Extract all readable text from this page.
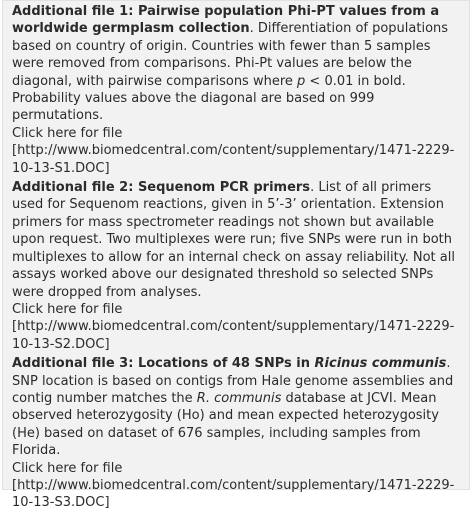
Additional file 1: Pairwise population Phi-PT values from a worldwide germplasm collection. Differentiation of populations based on country of origin. Countries with fewer than 5 samples were removed from comparisons. Phi-Pt values are below the diagonal, with pairwise comparisons where p < 0.01 in bold. Probability values above the diagonal are based on 999 permutations.
Click here for file
[http://www.biomedcentral.com/content/supplementary/1471-2229-10-13-S1.DOC]
Additional file 2: Sequenom PCR primers. List of all primers used for Sequenom reactions, given in 5’-3’ orientation. Extension primers for mass spectrometer readings not shown but available upon request. Two multiplexes were run; five SNPs were run in both multiplexes to allow for an internal check on assay reliability. Not all assays worked above our designated threshold so selected SNPs were dropped from analyses.
Click here for file
[http://www.biomedcentral.com/content/supplementary/1471-2229-10-13-S2.DOC]
Additional file 3: Locations of 48 SNPs in Ricinus communis. SNP location is based on contigs from Hale genome assemblies and contig number matches the R. communis database at JCVI. Mean observed heterozygosity (Ho) and mean expected heterozygosity (He) based on dataset of 676 samples, including samples from Florida.
Click here for file
[http://www.biomedcentral.com/content/supplementary/1471-2229-10-13-S3.DOC]
